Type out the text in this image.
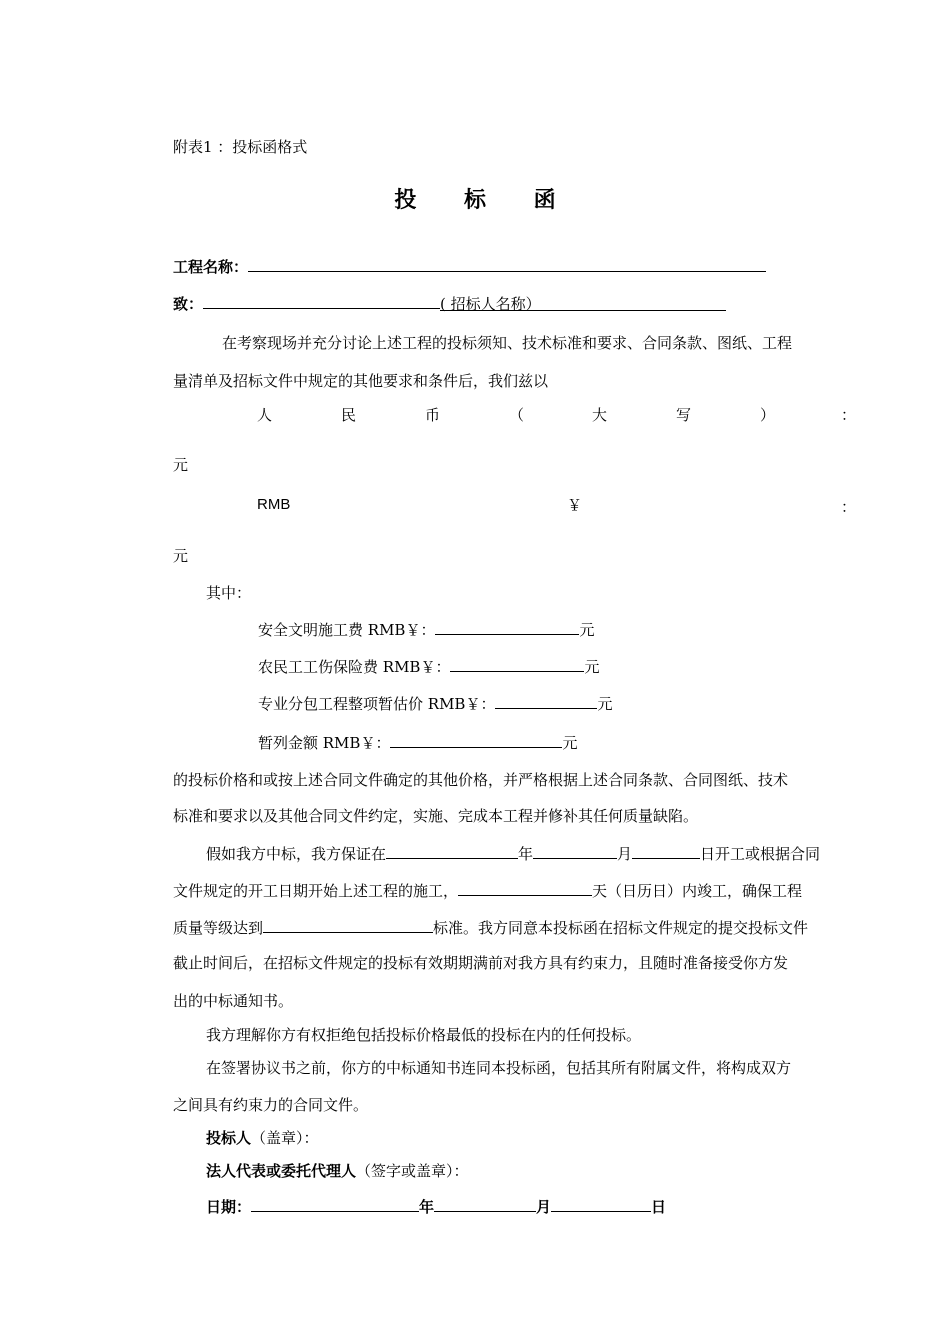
附表1 ：投标函格式
投 标 函
工程名称：
致：	( 招标人名称）
在考察现场并充分讨论上述工程的投标须知、技术标准和要求、合同条款、图纸、工程
量清单及招标文件中规定的其他要求和条件后，我们兹以
人	民	币	（	大	写	）	：
元
RMB	￥	：
元
其中：
安全文明施工费 RMB￥：	元
农民工工伤保险费 RMB￥：	元
专业分包工程整项暂估价 RMB￥：	元
暂列金额 RMB￥：	元
的投标价格和或按上述合同文件确定的其他价格，并严格根据上述合同条款、合同图纸、技术
标准和要求以及其他合同文件约定，实施、完成本工程并修补其任何质量缺陷。
假如我方中标，我方保证在	年	月	日开工或根据合同
文件规定的开工日期开始上述工程的施工，	天（日历日）内竣工，确保工程
质量等级达到	标准。我方同意本投标函在招标文件规定的提交投标文件
截止时间后，在招标文件规定的投标有效期期满前对我方具有约束力，且随时准备接受你方发
出的中标通知书。
我方理解你方有权拒绝包括投标价格最低的投标在内的任何投标。
在签署协议书之前，你方的中标通知书连同本投标函，包括其所有附属文件，将构成双方
之间具有约束力的合同文件。
投标人（盖章）：
法人代表或委托代理人（签字或盖章）：
日期：	年	月	日
